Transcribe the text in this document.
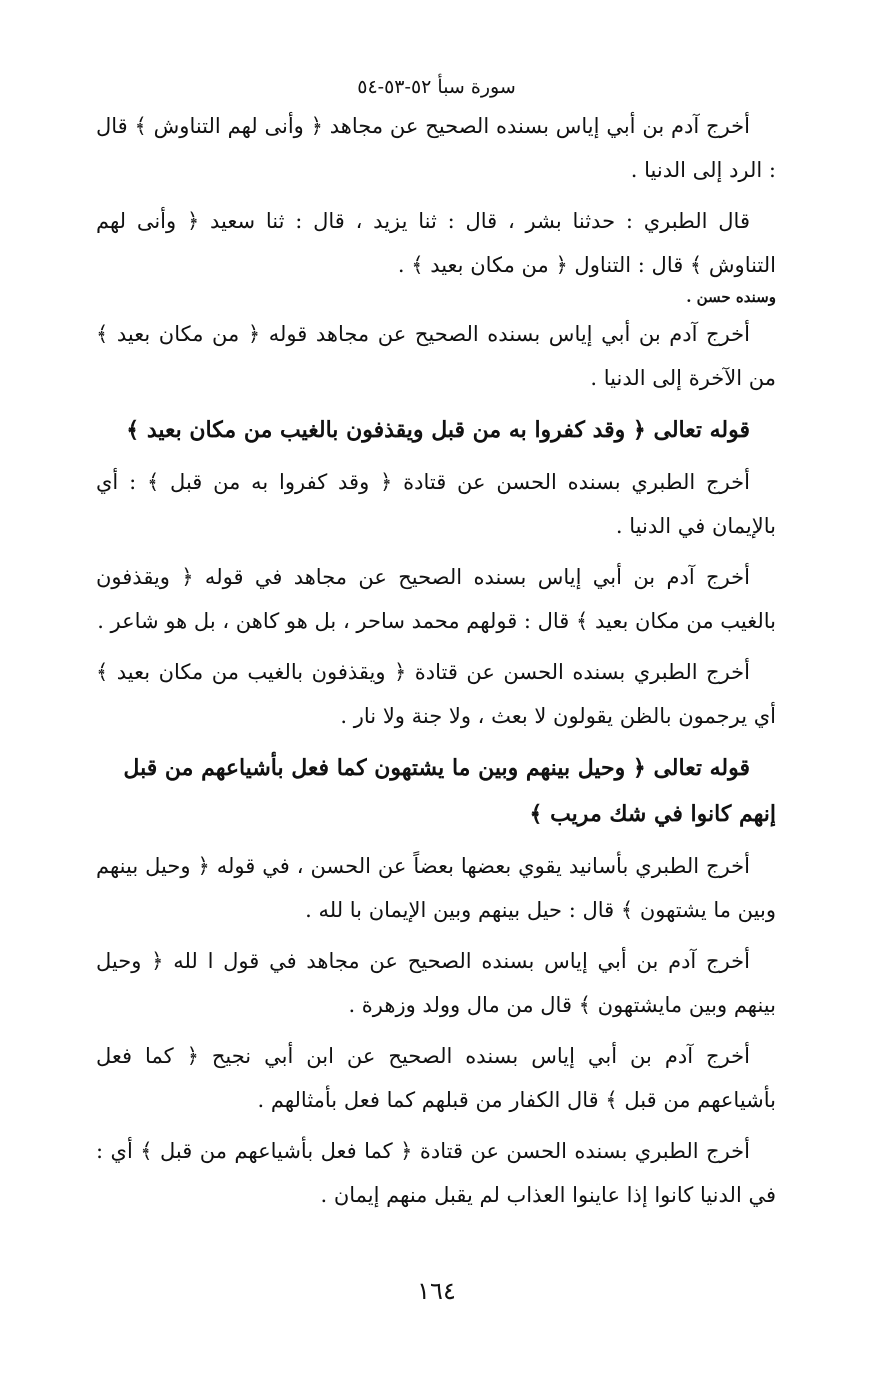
سورة سبأ ٥٢-٥٣-٥٤

أخرج آدم بن أبي إياس بسنده الصحيح عن مجاهد ﴿ وأنى لهم التناوش ﴾ قال : الرد إلى الدنيا .

قال الطبري : حدثنا بشر ، قال : ثنا يزيد ، قال : ثنا سعيد ﴿ وأنى لهم التناوش ﴾ قال : التناول ﴿ من مكان بعيد ﴾ .

وسنده حسن .

أخرج آدم بن أبي إياس بسنده الصحيح عن مجاهد قوله ﴿ من مكان بعيد ﴾ من الآخرة إلى الدنيا .

قوله تعالى ﴿ وقد كفروا به من قبل ويقذفون بالغيب من مكان بعيد ﴾

أخرج الطبري بسنده الحسن عن قتادة ﴿ وقد كفروا به من قبل ﴾ : أي بالإيمان في الدنيا .

أخرج آدم بن أبي إياس بسنده الصحيح عن مجاهد في قوله ﴿ ويقذفون بالغيب من مكان بعيد ﴾ قال : قولهم محمد ساحر ، بل هو كاهن ، بل هو شاعر .

أخرج الطبري بسنده الحسن عن قتادة ﴿ ويقذفون بالغيب من مكان بعيد ﴾ أي يرجمون بالظن يقولون لا بعث ، ولا جنة ولا نار .

قوله تعالى ﴿ وحيل بينهم وبين ما يشتهون كما فعل بأشياعهم من قبل إنهم كانوا في شك مريب ﴾

أخرج الطبري بأسانيد يقوي بعضها بعضاً عن الحسن ، في قوله ﴿ وحيل بينهم وبين ما يشتهون ﴾ قال : حيل بينهم وبين الإيمان با لله .

أخرج آدم بن أبي إياس بسنده الصحيح عن مجاهد في قول ا لله ﴿ وحيل بينهم وبين مايشتهون ﴾ قال من مال وولد وزهرة .

أخرج آدم بن أبي إياس بسنده الصحيح عن ابن أبي نجيح ﴿ كما فعل بأشياعهم من قبل ﴾ قال الكفار من قبلهم كما فعل بأمثالهم .

أخرج الطبري بسنده الحسن عن قتادة ﴿ كما فعل بأشياعهم من قبل ﴾ أي : في الدنيا كانوا إذا عاينوا العذاب لم يقبل منهم إيمان .

١٦٤
